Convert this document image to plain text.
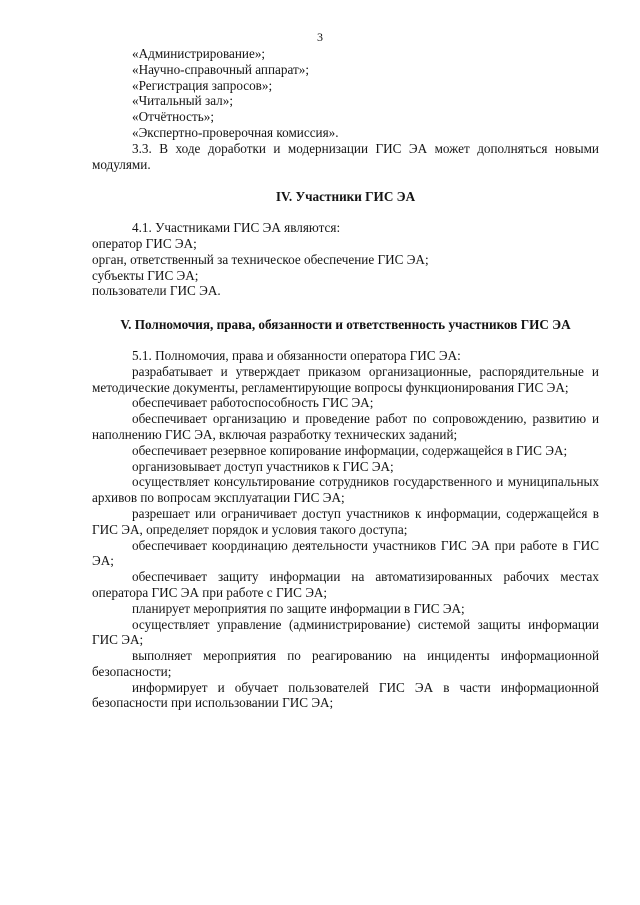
3

«Администрирование»;

«Научно-справочный аппарат»;

«Регистрация запросов»;

«Читальный зал»;

«Отчётность»;

«Экспертно-проверочная комиссия».

3.3. В ходе доработки и модернизации ГИС ЭА может дополняться новыми модулями.

IV. Участники ГИС ЭА

4.1. Участниками ГИС ЭА являются:

оператор ГИС ЭА;

орган, ответственный за техническое обеспечение ГИС ЭА;

субъекты ГИС ЭА;

пользователи ГИС ЭА.

V. Полномочия, права, обязанности и ответственность участников ГИС ЭА

5.1. Полномочия, права и обязанности оператора ГИС ЭА:

разрабатывает и утверждает приказом организационные, распорядительные и методические документы, регламентирующие вопросы функционирования ГИС ЭА;

обеспечивает работоспособность ГИС ЭА;

обеспечивает организацию и проведение работ по сопровождению, развитию и наполнению ГИС ЭА, включая разработку технических заданий;

обеспечивает резервное копирование информации, содержащейся в ГИС ЭА;

организовывает доступ участников к ГИС ЭА;

осуществляет консультирование сотрудников государственного и муниципальных архивов по вопросам эксплуатации ГИС ЭА;

разрешает или ограничивает доступ участников к информации, содержащейся в ГИС ЭА, определяет порядок и условия такого доступа;

обеспечивает координацию деятельности участников ГИС ЭА при работе в ГИС ЭА;

обеспечивает защиту информации на автоматизированных рабочих местах оператора ГИС ЭА при работе с ГИС ЭА;

планирует мероприятия по защите информации в ГИС ЭА;

осуществляет управление (администрирование) системой защиты информации ГИС ЭА;

выполняет мероприятия по реагированию на инциденты информационной безопасности;

информирует и обучает пользователей ГИС ЭА в части информационной безопасности при использовании ГИС ЭА;
